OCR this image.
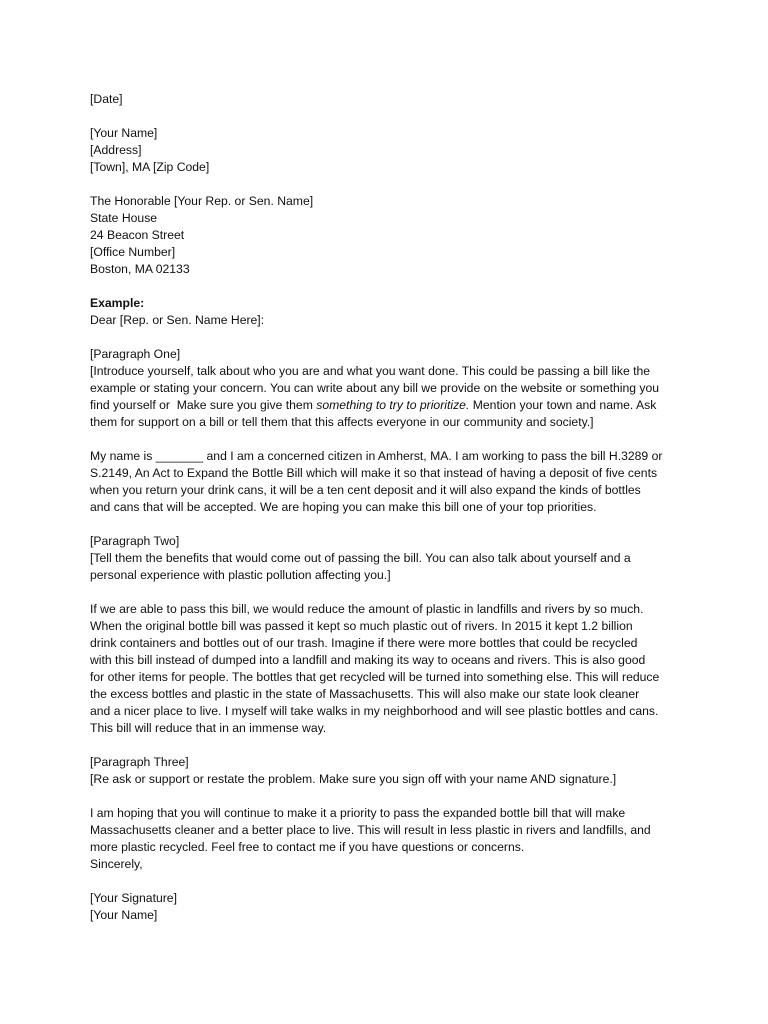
[Date]
[Your Name]
[Address]
[Town], MA [Zip Code]
The Honorable [Your Rep. or Sen. Name]
State House
24 Beacon Street
[Office Number]
Boston, MA 02133
Example:
Dear [Rep. or Sen. Name Here]:
[Paragraph One]
[Introduce yourself, talk about who you are and what you want done. This could be passing a bill like the
example or stating your concern. You can write about any bill we provide on the website or something you
find yourself or  Make sure you give them something to try to prioritize. Mention your town and name. Ask
them for support on a bill or tell them that this affects everyone in our community and society.]
My name is _______ and I am a concerned citizen in Amherst, MA. I am working to pass the bill H.3289 or
S.2149, An Act to Expand the Bottle Bill which will make it so that instead of having a deposit of five cents
when you return your drink cans, it will be a ten cent deposit and it will also expand the kinds of bottles
and cans that will be accepted. We are hoping you can make this bill one of your top priorities.
[Paragraph Two]
[Tell them the benefits that would come out of passing the bill. You can also talk about yourself and a
personal experience with plastic pollution affecting you.]
If we are able to pass this bill, we would reduce the amount of plastic in landfills and rivers by so much.
When the original bottle bill was passed it kept so much plastic out of rivers. In 2015 it kept 1.2 billion
drink containers and bottles out of our trash. Imagine if there were more bottles that could be recycled
with this bill instead of dumped into a landfill and making its way to oceans and rivers. This is also good
for other items for people. The bottles that get recycled will be turned into something else. This will reduce
the excess bottles and plastic in the state of Massachusetts. This will also make our state look cleaner
and a nicer place to live. I myself will take walks in my neighborhood and will see plastic bottles and cans.
This bill will reduce that in an immense way.
[Paragraph Three]
[Re ask or support or restate the problem. Make sure you sign off with your name AND signature.]
I am hoping that you will continue to make it a priority to pass the expanded bottle bill that will make
Massachusetts cleaner and a better place to live. This will result in less plastic in rivers and landfills, and
more plastic recycled. Feel free to contact me if you have questions or concerns.
Sincerely,
[Your Signature]
[Your Name]
